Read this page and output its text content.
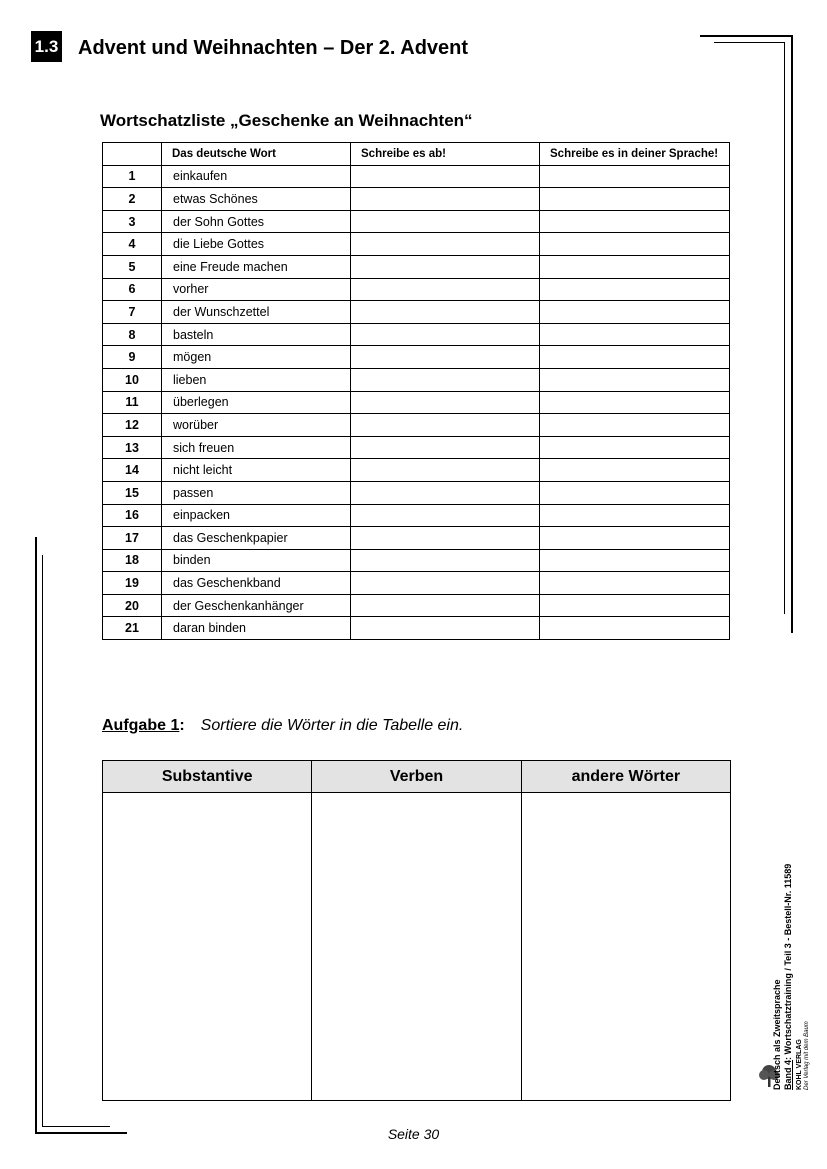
1.3 Advent und Weihnachten – Der 2. Advent
Wortschatzliste „Geschenke an Weihnachten“
	Das deutsche Wort	Schreibe es ab!	Schreibe es in deiner Sprache!
1	einkaufen		
2	etwas Schönes		
3	der Sohn Gottes		
4	die Liebe Gottes		
5	eine Freude machen		
6	vorher		
7	der Wunschzettel		
8	basteln		
9	mögen		
10	lieben		
11	überlegen		
12	worüber		
13	sich freuen		
14	nicht leicht		
15	passen		
16	einpacken		
17	das Geschenkpapier		
18	binden		
19	das Geschenkband		
20	der Geschenkanhänger		
21	daran binden		
Aufgabe 1: Sortiere die Wörter in die Tabelle ein.
Substantive	Verben	andere Wörter

Seite 30
Deutsch als Zweitsprache Band 4: Wortschatztraining / Teil 3 - Bestell-Nr. 11589
KOHL VERLAG Der Verlag mit dem Baum
